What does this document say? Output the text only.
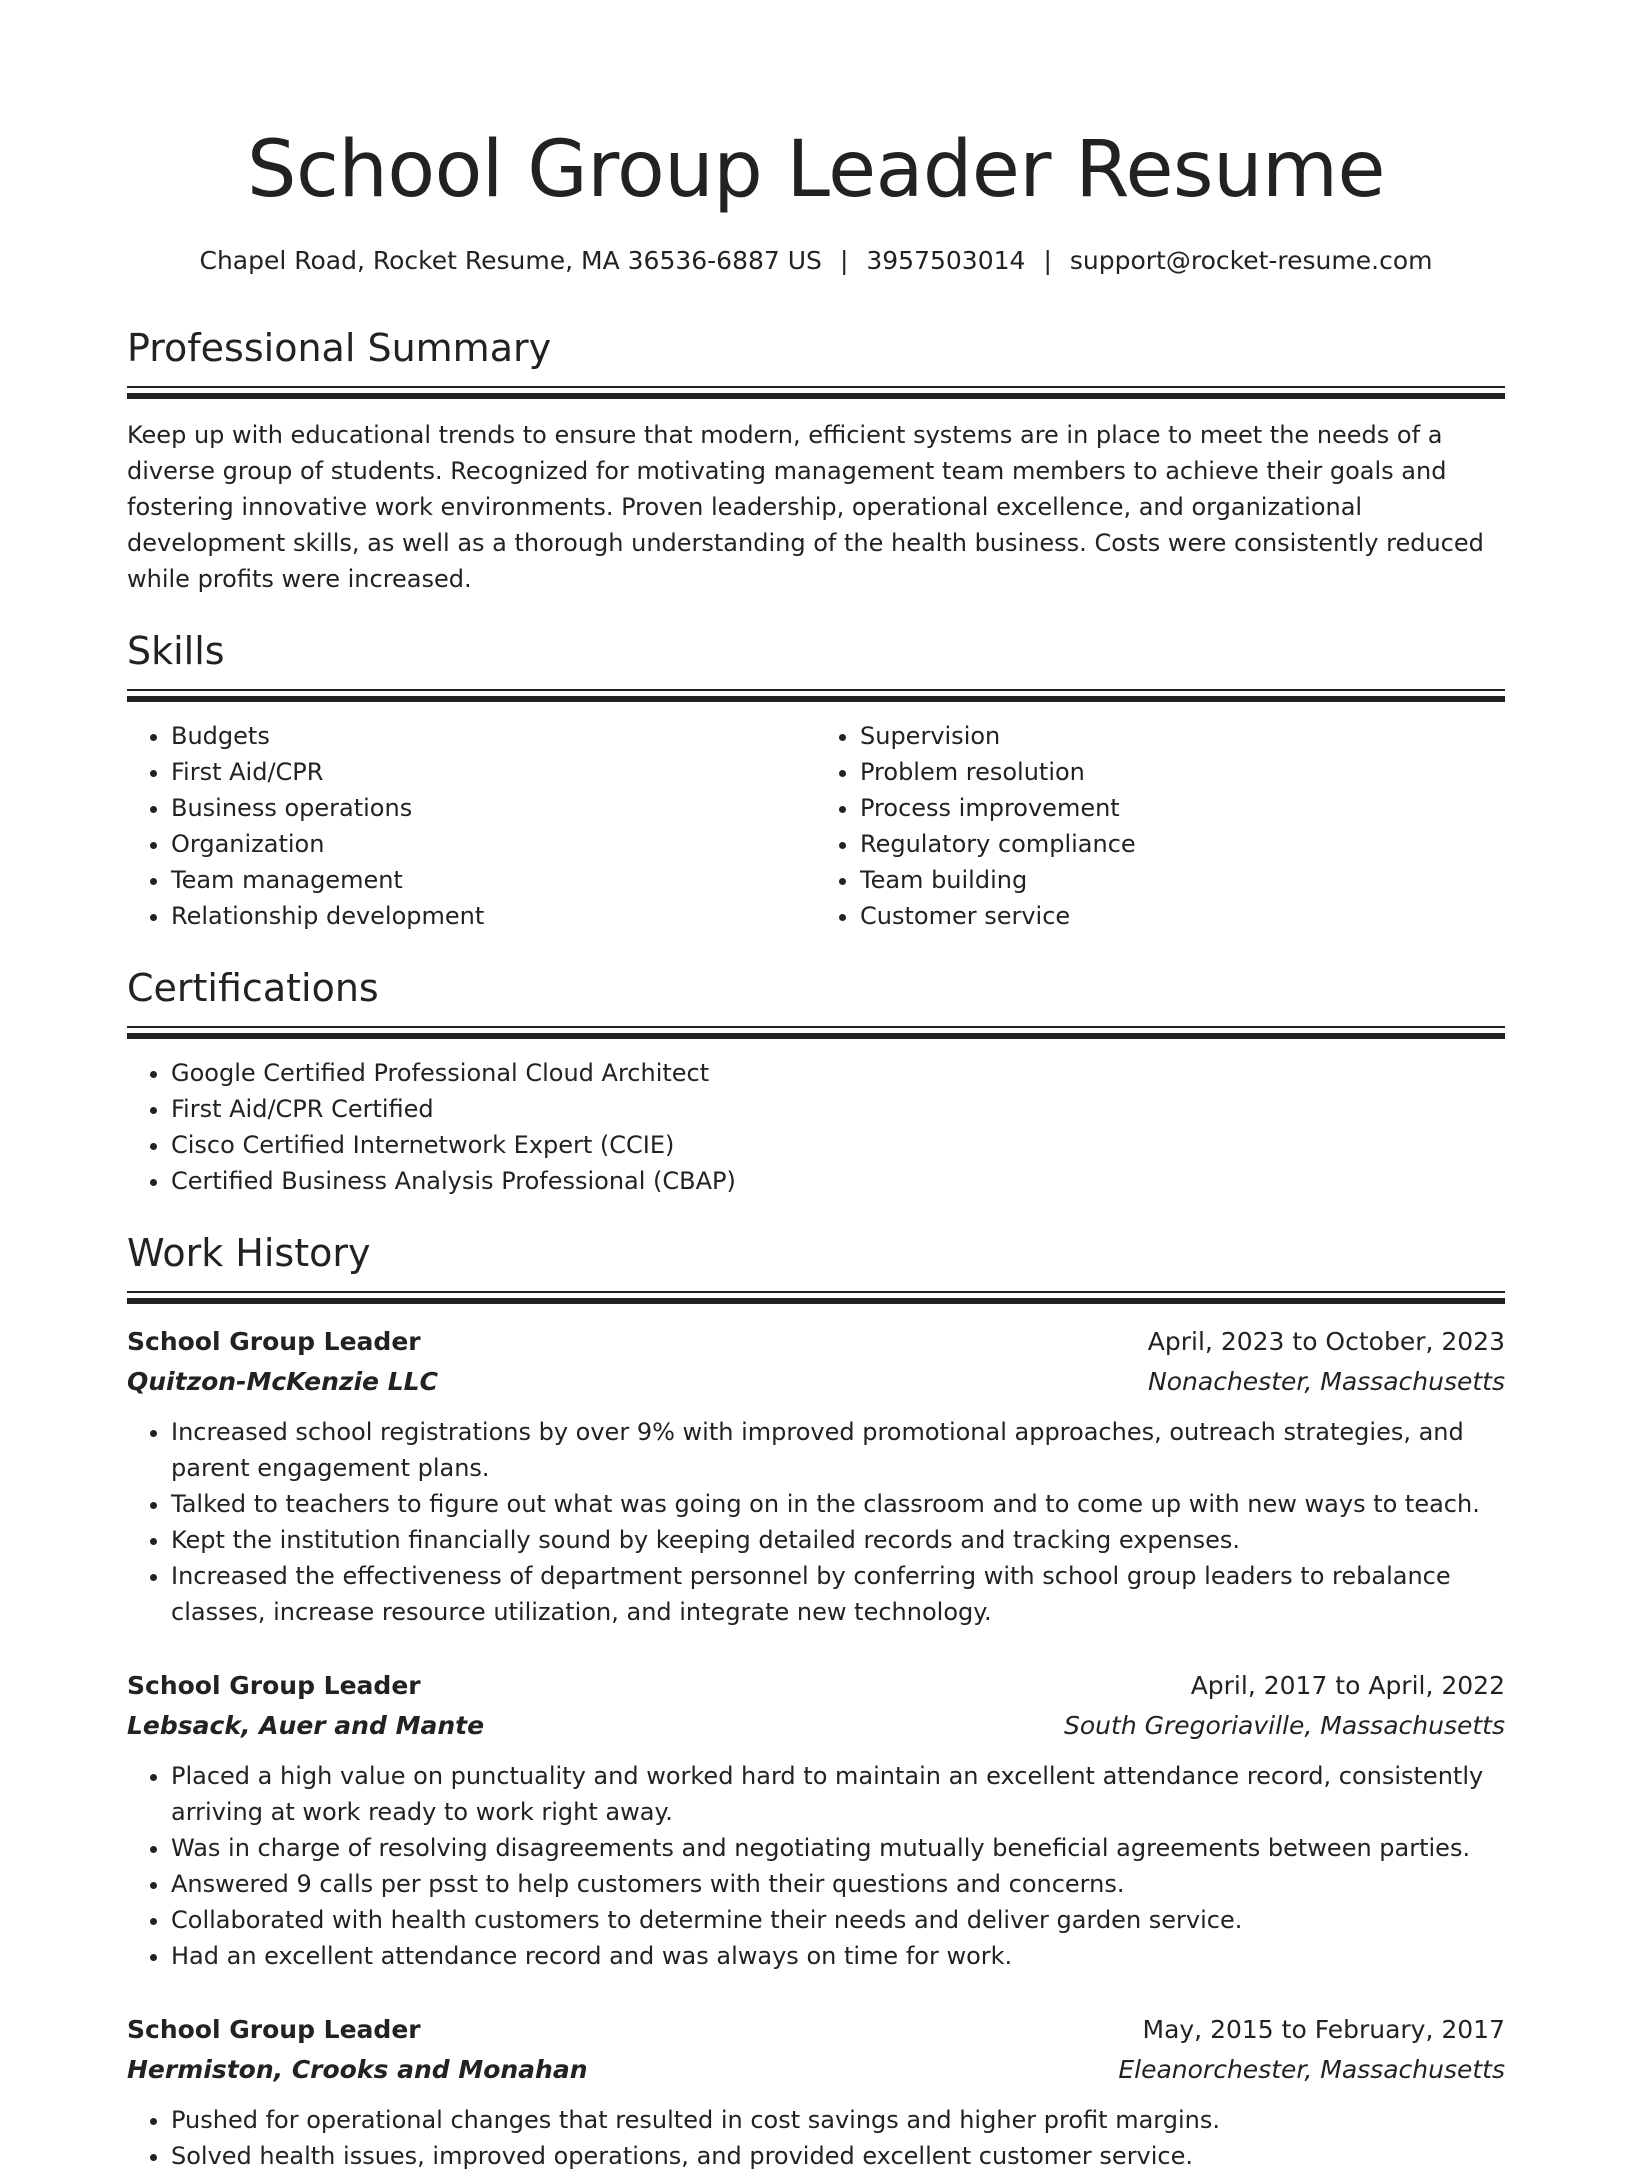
School Group Leader Resume
Chapel Road, Rocket Resume, MA 36536-6887 US | 3957503014 | support@rocket-resume.com
Professional Summary

Keep up with educational trends to ensure that modern, efficient systems are in place to meet the needs of a diverse group of students. Recognized for motivating management team members to achieve their goals and fostering innovative work environments. Proven leadership, operational excellence, and organizational development skills, as well as a thorough understanding of the health business. Costs were consistently reduced while profits were increased.

Skills
• Budgets
• First Aid/CPR
• Business operations
• Organization
• Team management
• Relationship development
• Supervision
• Problem resolution
• Process improvement
• Regulatory compliance
• Team building
• Customer service
Certifications
• Google Certified Professional Cloud Architect
• First Aid/CPR Certified
• Cisco Certified Internetwork Expert (CCIE)
• Certified Business Analysis Professional (CBAP)
Work History
School Group Leader	April, 2023 to October, 2023
Quitzon-McKenzie LLC	Nonachester, Massachusetts
• Increased school registrations by over 9% with improved promotional approaches, outreach strategies, and parent engagement plans.
• Talked to teachers to figure out what was going on in the classroom and to come up with new ways to teach.
• Kept the institution financially sound by keeping detailed records and tracking expenses.
• Increased the effectiveness of department personnel by conferring with school group leaders to rebalance classes, increase resource utilization, and integrate new technology.
School Group Leader	April, 2017 to April, 2022
Lebsack, Auer and Mante	South Gregoriaville, Massachusetts
• Placed a high value on punctuality and worked hard to maintain an excellent attendance record, consistently arriving at work ready to work right away.
• Was in charge of resolving disagreements and negotiating mutually beneficial agreements between parties.
• Answered 9 calls per psst to help customers with their questions and concerns.
• Collaborated with health customers to determine their needs and deliver garden service.
• Had an excellent attendance record and was always on time for work.
School Group Leader	May, 2015 to February, 2017
Hermiston, Crooks and Monahan	Eleanorchester, Massachusetts
• Pushed for operational changes that resulted in cost savings and higher profit margins.
• Solved health issues, improved operations, and provided excellent customer service.
